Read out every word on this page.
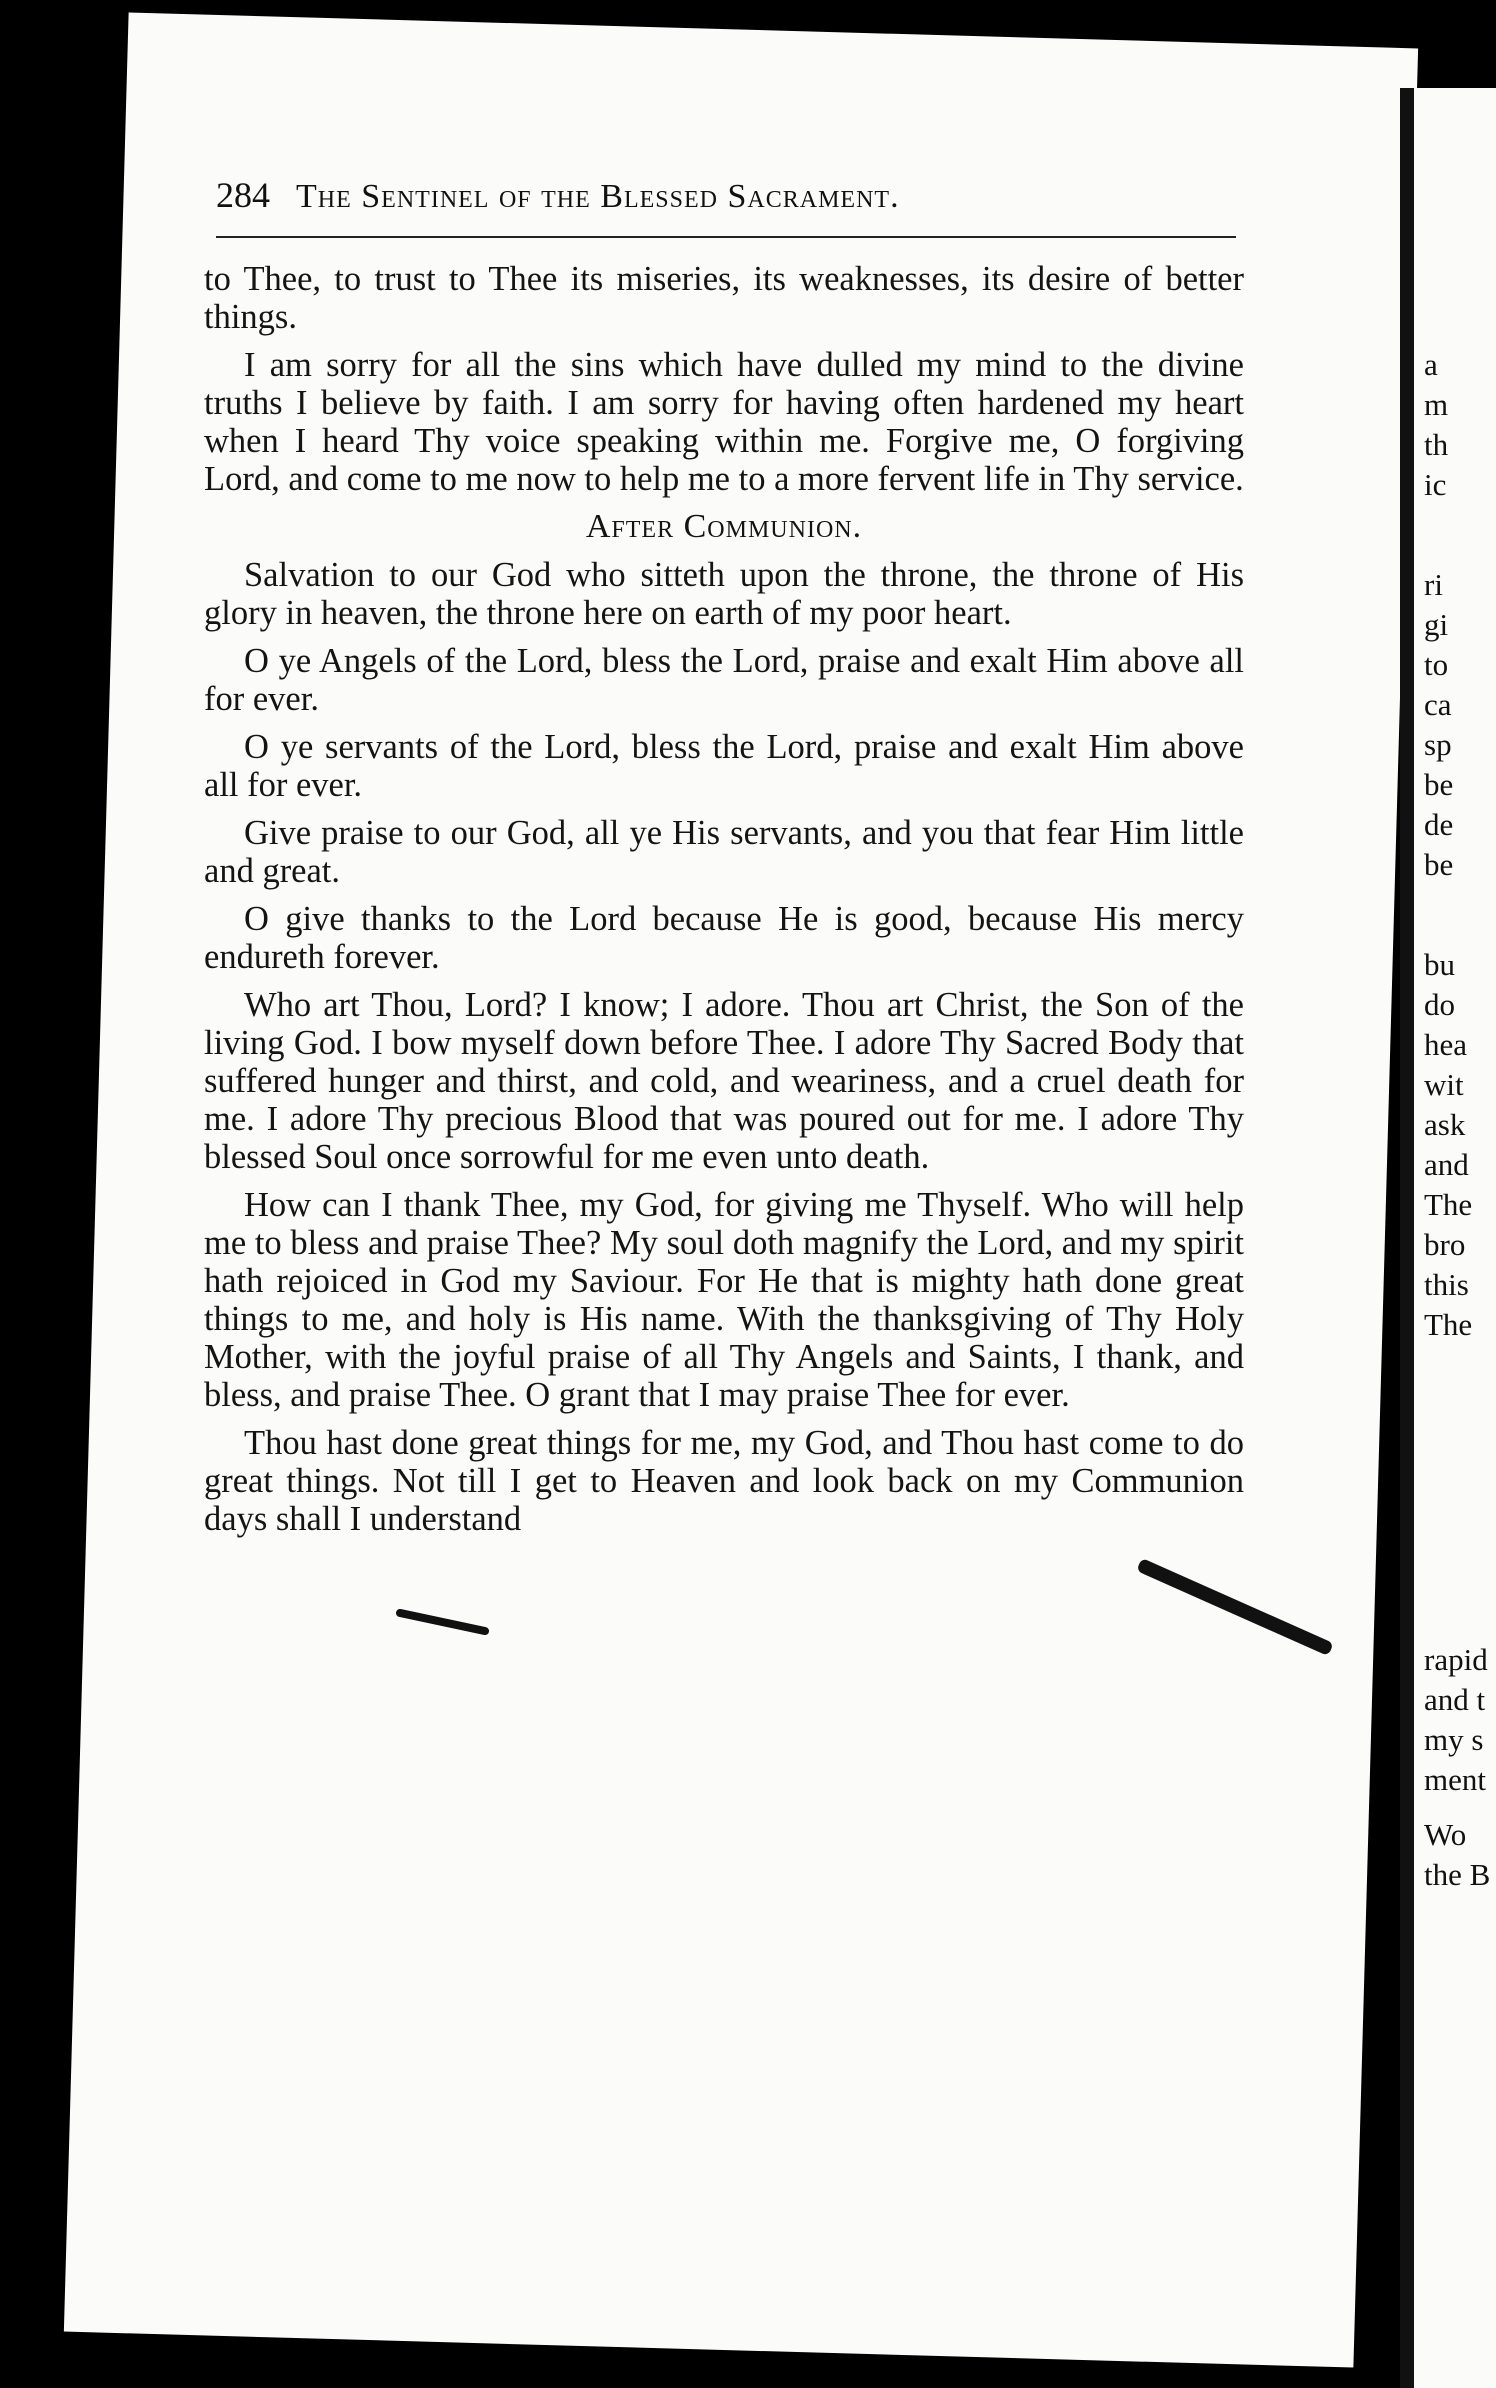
a
m
th
ic
ri
gi
to
ca
sp
be
de
be
bu
do
hea
wit
ask
and
The
bro
this
The
rapid
and t
my s
ment
Wo
the B
284 The Sentinel of the Blessed Sacrament.

to Thee, to trust to Thee its miseries, its weaknesses, its desire of better things.

I am sorry for all the sins which have dulled my mind to the divine truths I believe by faith. I am sorry for having often hardened my heart when I heard Thy voice speaking within me. Forgive me, O forgiving Lord, and come to me now to help me to a more fervent life in Thy service.

After Communion.

Salvation to our God who sitteth upon the throne, the throne of His glory in heaven, the throne here on earth of my poor heart.

O ye Angels of the Lord, bless the Lord, praise and exalt Him above all for ever.

O ye servants of the Lord, bless the Lord, praise and exalt Him above all for ever.

Give praise to our God, all ye His servants, and you that fear Him little and great.

O give thanks to the Lord because He is good, because His mercy endureth forever.

Who art Thou, Lord? I know; I adore. Thou art Christ, the Son of the living God. I bow myself down before Thee. I adore Thy Sacred Body that suffered hunger and thirst, and cold, and weariness, and a cruel death for me. I adore Thy precious Blood that was poured out for me. I adore Thy blessed Soul once sorrowful for me even unto death.

How can I thank Thee, my God, for giving me Thyself. Who will help me to bless and praise Thee? My soul doth magnify the Lord, and my spirit hath rejoiced in God my Saviour. For He that is mighty hath done great things to me, and holy is His name. With the thanksgiving of Thy Holy Mother, with the joyful praise of all Thy Angels and Saints, I thank, and bless, and praise Thee. O grant that I may praise Thee for ever.

Thou hast done great things for me, my God, and Thou hast come to do great things. Not till I get to Heaven and look back on my Communion days shall I understand
